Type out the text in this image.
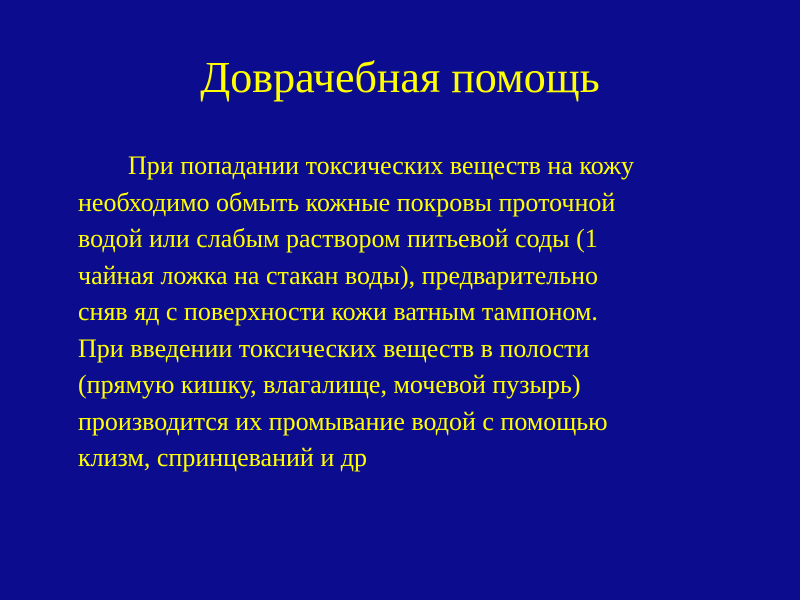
Доврачебная помощь
При попадании токсических веществ на кожу
необходимо обмыть кожные покровы проточной
водой или слабым раствором питьевой соды (1
чайная ложка на стакан воды), предварительно
сняв яд с поверхности кожи ватным тампоном.
При введении токсических веществ в полости
(прямую кишку, влагалище, мочевой пузырь)
производится их промывание водой с помощью
клизм, спринцеваний и др
